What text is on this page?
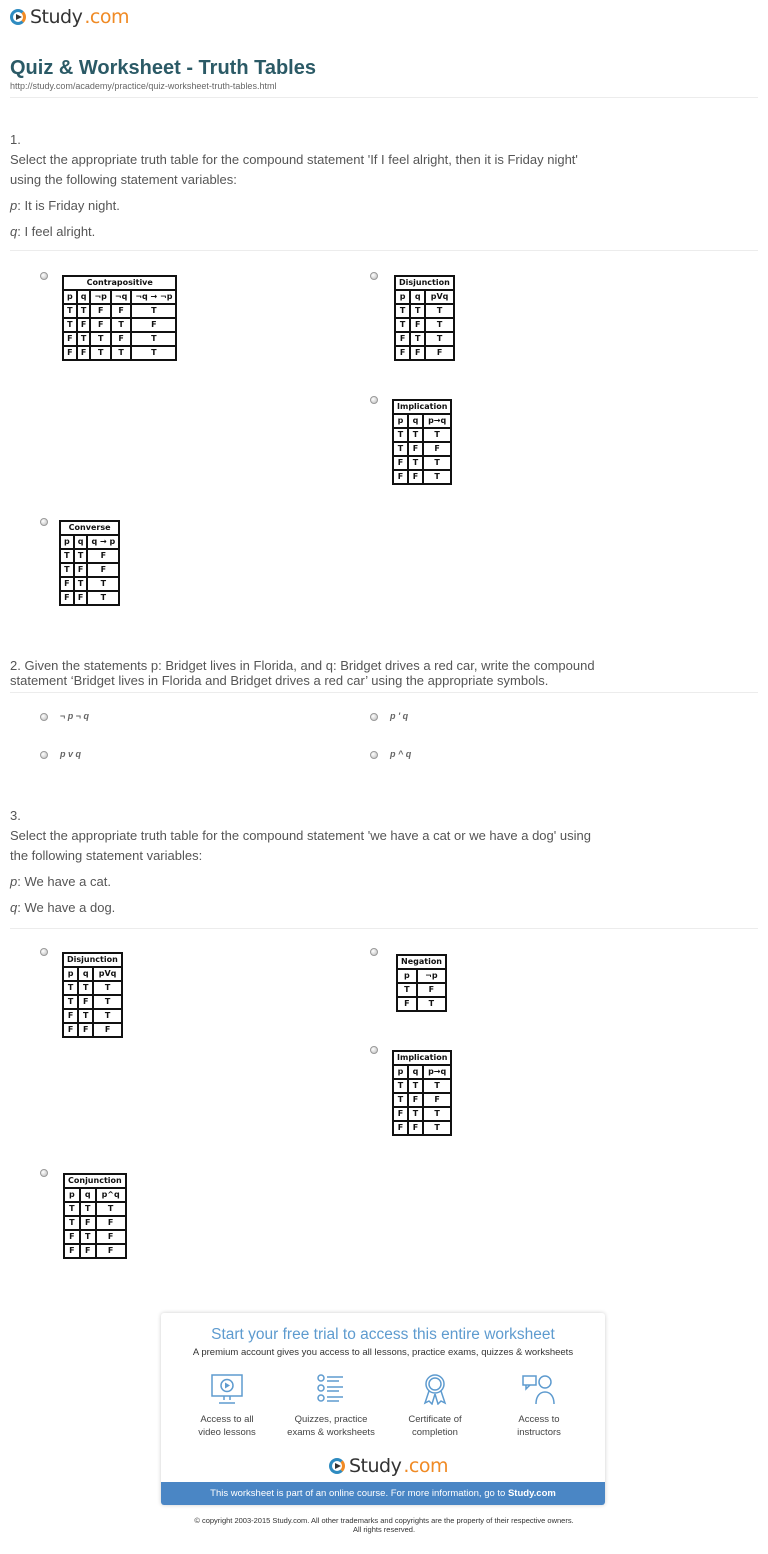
Study .com
Quiz & Worksheet - Truth Tables
http://study.com/academy/practice/quiz-worksheet-truth-tables.html
1.
Select the appropriate truth table for the compound statement 'If I feel alright, then it is Friday night'
using the following statement variables:
p: It is Friday night.
q: I feel alright.
Contrapositive				
p	q	¬p	¬q	¬q → ¬p
T	T	F	F	T
T	F	F	T	F
F	T	T	F	T
F	F	T	T	T
Disjunction		
p	q	pVq
T	T	T
T	F	T
F	T	T
F	F	F
Implication		
p	q	p→q
T	T	T
T	F	F
F	T	T
F	F	T
Converse		
p	q	q → p
T	T	F
T	F	F
F	T	T
F	F	T
2. Given the statements p: Bridget lives in Florida, and q: Bridget drives a red car, write the compound
statement ‘Bridget lives in Florida and Bridget drives a red car’ using the appropriate symbols.
¬ p ¬ q	p ' q
p v q	p ^ q
3.
Select the appropriate truth table for the compound statement 'we have a cat or we have a dog' using
the following statement variables:
p: We have a cat.
q: We have a dog.
Disjunction		
p	q	pVq
T	T	T
T	F	T
F	T	T
F	F	F
Negation	
p	¬p
T	F
F	T
Implication		
p	q	p→q
T	T	T
T	F	F
F	T	T
F	F	T
Conjunction		
p	q	p^q
T	T	T
T	F	F
F	T	F
F	F	F
Start your free trial to access this entire worksheet
A premium account gives you access to all lessons, practice exams, quizzes & worksheets
Access to all
video lessons
Quizzes, practice
exams & worksheets
Certificate of
completion
Access to
instructors
Study .com
This worksheet is part of an online course. For more information, go to Study.com
© copyright 2003-2015 Study.com. All other trademarks and copyrights are the property of their respective owners.
All rights reserved.
